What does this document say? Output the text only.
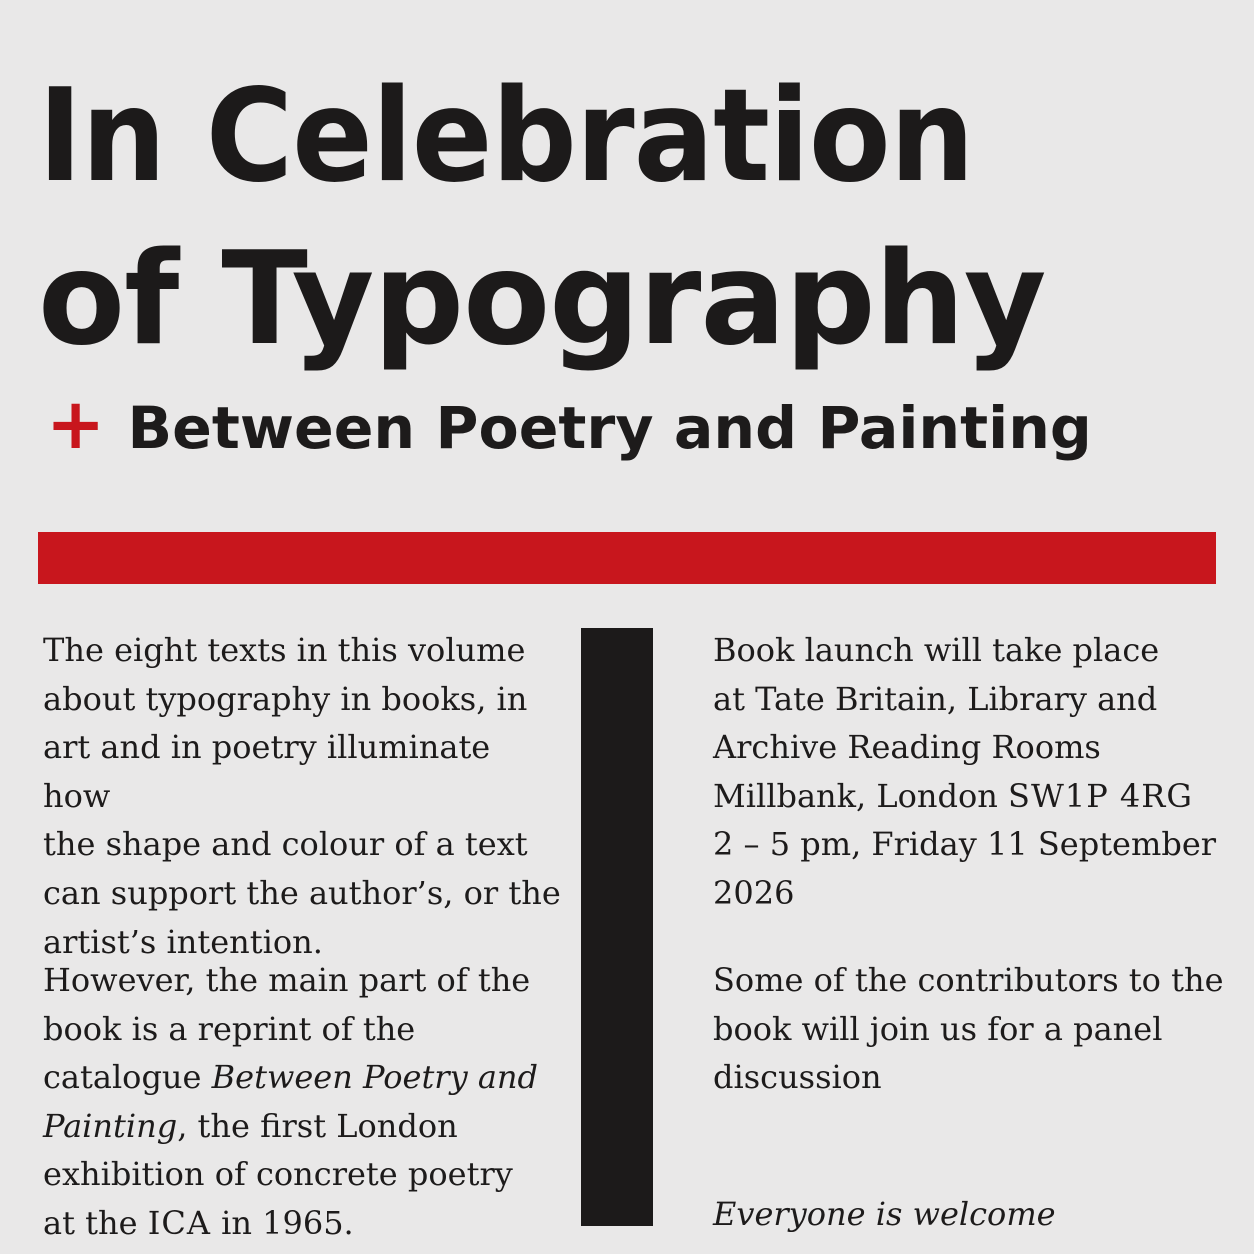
In Celebration
of Typography
+ Between Poetry and Painting

The eight texts in this volume
about typography in books, in
art and in poetry illuminate how
the shape and colour of a text
can support the author’s, or the
artist’s intention.

However, the main part of the
book is a reprint of the
catalogue Between Poetry and
Painting, the first London
exhibition of concrete poetry
at the ICA in 1965.

Book launch will take place
at Tate Britain, Library and
Archive Reading Rooms
Millbank, London SW1P 4RG
2 – 5 pm, Friday 11 September
2026

Some of the contributors to the
book will join us for a panel
discussion

Everyone is welcome
